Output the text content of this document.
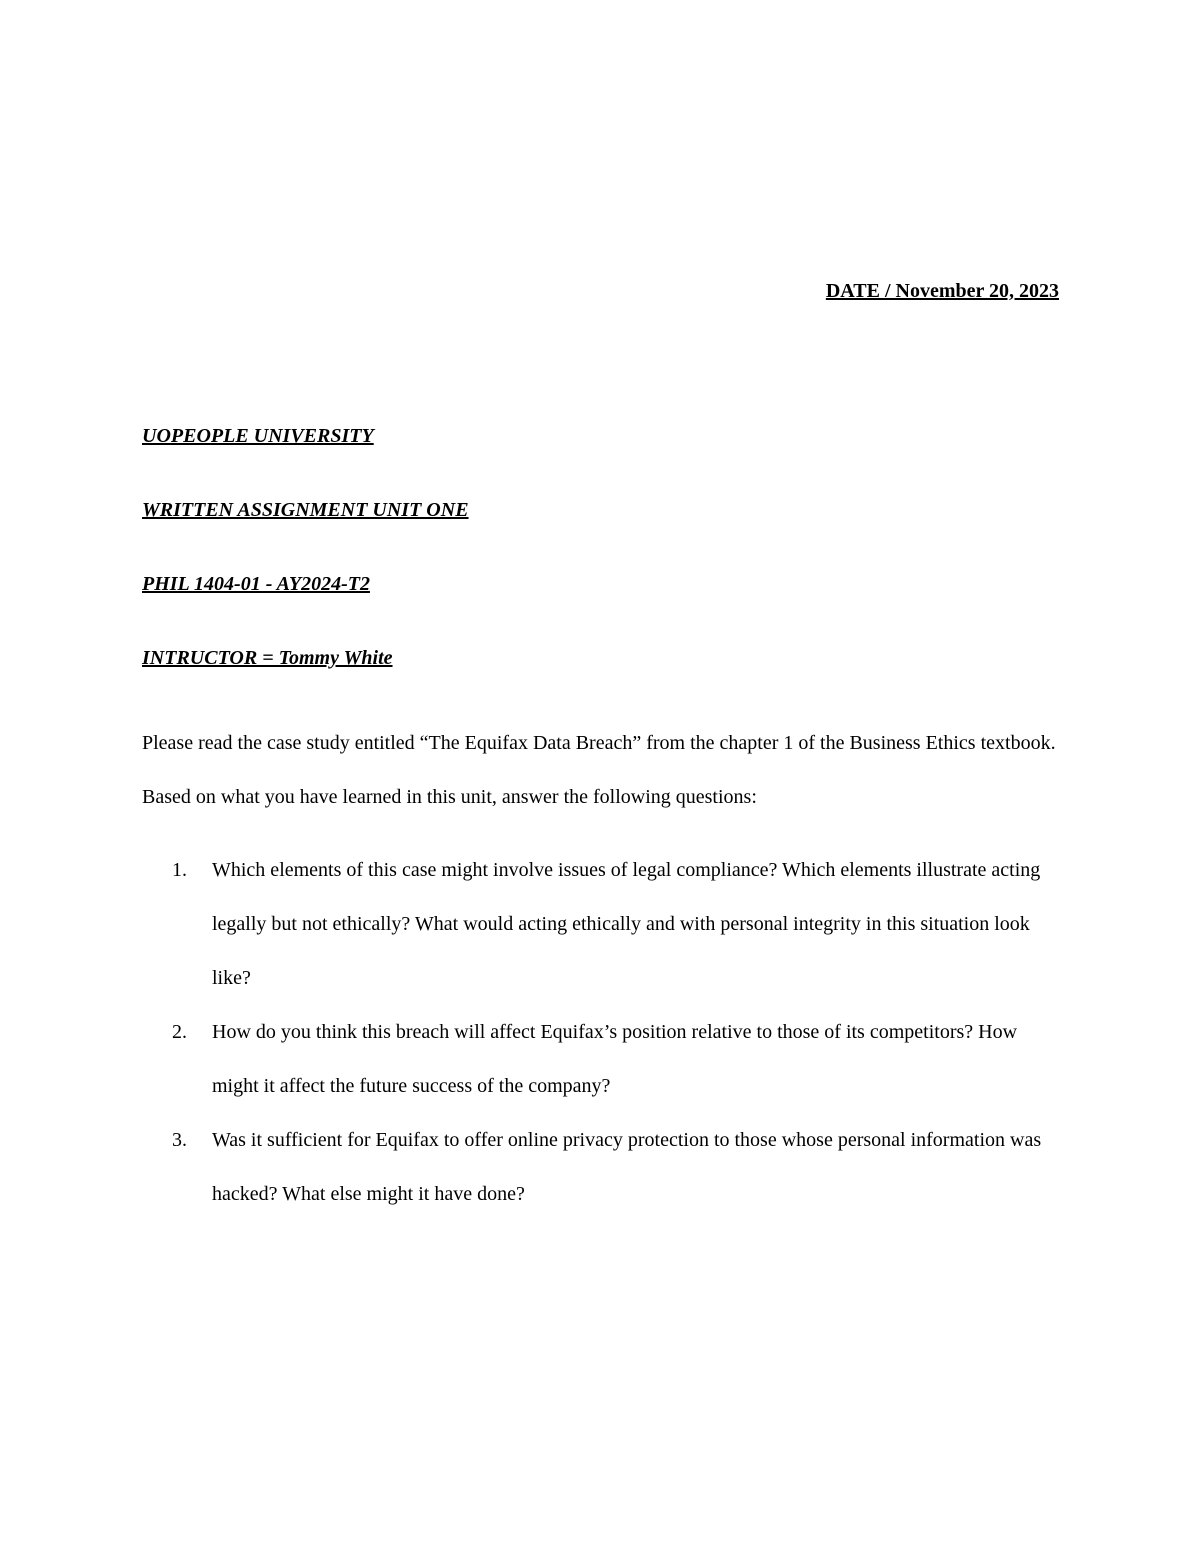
DATE / November 20, 2023
UOPEOPLE UNIVERSITY
WRITTEN ASSIGNMENT UNIT ONE
PHIL 1404-01 - AY2024-T2
INTRUCTOR = Tommy White

Please read the case study entitled “The Equifax Data Breach” from the chapter 1 of the Business Ethics textbook. Based on what you have learned in this unit, answer the following questions:

1. Which elements of this case might involve issues of legal compliance? Which elements illustrate acting legally but not ethically? What would acting ethically and with personal integrity in this situation look like?
2. How do you think this breach will affect Equifax’s position relative to those of its competitors? How might it affect the future success of the company?
3. Was it sufficient for Equifax to offer online privacy protection to those whose personal information was hacked? What else might it have done?
